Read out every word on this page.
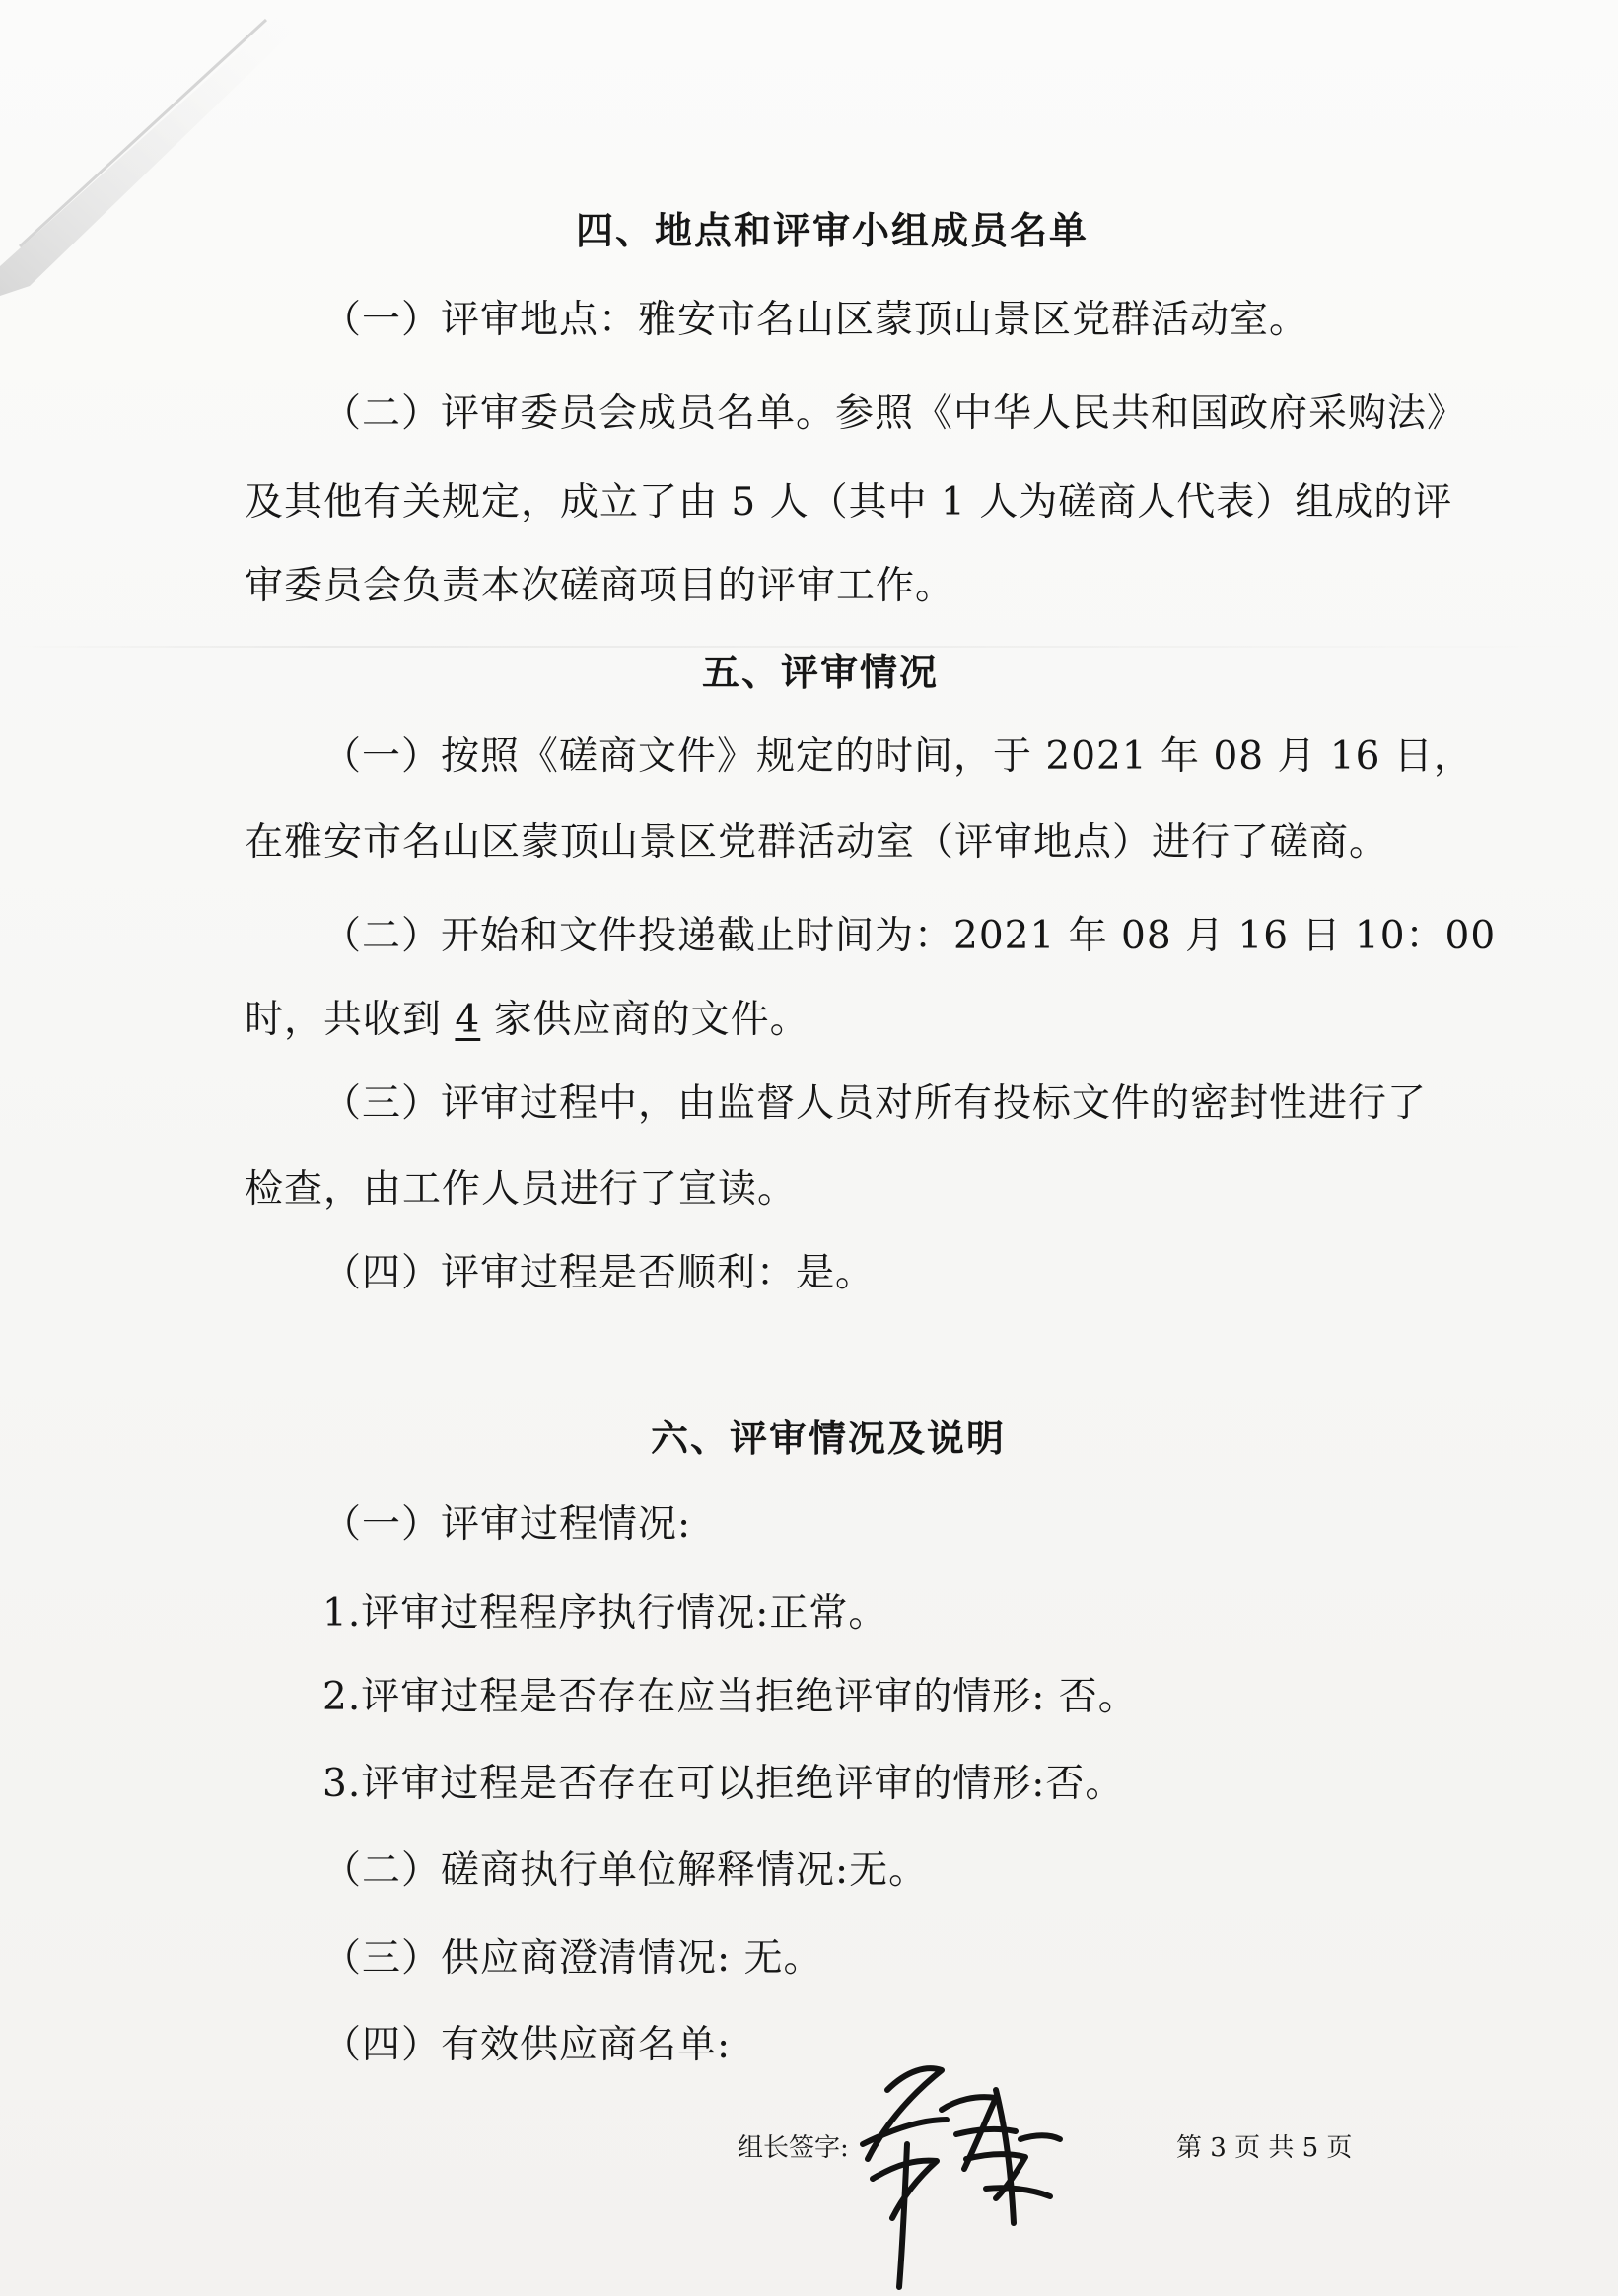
四、地点和评审小组成员名单
（一）评审地点：雅安市名山区蒙顶山景区党群活动室。
（二）评审委员会成员名单。参照《中华人民共和国政府采购法》
及其他有关规定，成立了由 5 人（其中 1 人为磋商人代表）组成的评
审委员会负责本次磋商项目的评审工作。
五、评审情况
（一）按照《磋商文件》规定的时间，于 2021 年 08 月 16 日，
在雅安市名山区蒙顶山景区党群活动室（评审地点）进行了磋商。
（二）开始和文件投递截止时间为：2021 年 08 月 16 日 10：00
时，共收到 4 家供应商的文件。
（三）评审过程中，由监督人员对所有投标文件的密封性进行了
检查，由工作人员进行了宣读。
（四）评审过程是否顺利：是。
六、评审情况及说明
（一）评审过程情况:
1.评审过程程序执行情况:正常。
2.评审过程是否存在应当拒绝评审的情形: 否。
3.评审过程是否存在可以拒绝评审的情形:否。
（二）磋商执行单位解释情况:无。
（三）供应商澄清情况: 无。
（四）有效供应商名单:
组长签字:	第 3 页 共 5 页
